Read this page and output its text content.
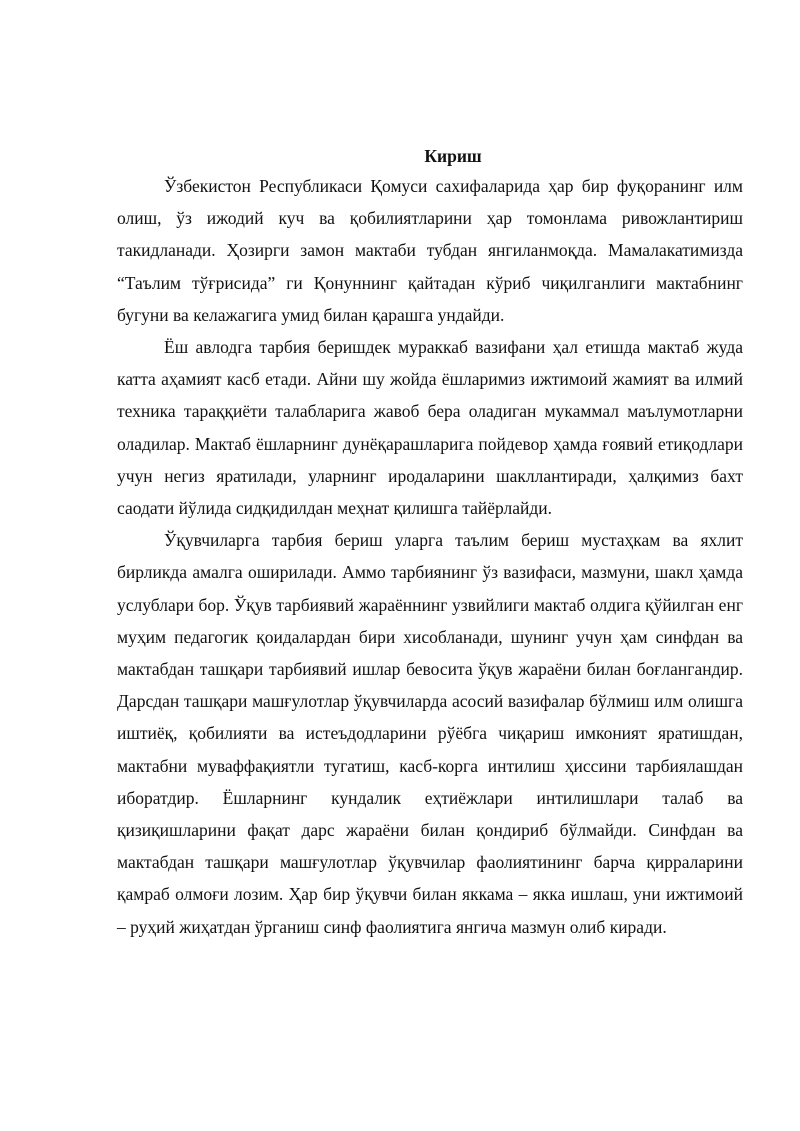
Кириш

Ўзбекистон Республикаси Қомуси сахифаларида ҳар бир фуқоранинг илм олиш, ўз ижодий куч ва қобилиятларини ҳар томонлама ривожлантириш такидланади. Ҳозирги замон мактаби тубдан янгиланмоқда. Мамалакатимизда “Таълим тўғрисида” ги Қонуннинг қайтадан кўриб чиқилганлиги мактабнинг бугуни ва келажагига умид билан қарашга ундайди.

Ёш авлодга тарбия беришдек мураккаб вазифани ҳал етишда мактаб жуда катта аҳамият касб етади. Айни шу жойда ёшларимиз ижтимоий жамият ва илмий техника тараққиёти талабларига жавоб бера оладиган мукаммал маълумотларни оладилар. Мактаб ёшларнинг дунёқарашларига пойдевор ҳамда ғоявий етиқодлари учун негиз яратилади, уларнинг иродаларини шакллантиради, ҳалқимиз бахт саодати йўлида сидқидилдан меҳнат қилишга тайёрлайди.

Ўқувчиларга тарбия бериш уларга таълим бериш мустаҳкам ва яхлит бирликда амалга оширилади. Аммо тарбиянинг ўз вазифаси, мазмуни, шакл ҳамда услублари бор. Ўқув тарбиявий жараённинг узвийлиги мактаб олдига қўйилган енг муҳим педагогик қоидалардан бири хисобланади, шунинг учун ҳам синфдан ва мактабдан ташқари тарбиявий ишлар бевосита ўқув жараёни билан боғлангандир. Дарсдан ташқари машғулотлар ўқувчиларда асосий вазифалар бўлмиш илм олишга иштиёқ, қобилияти ва истеъдодларини рўёбга чиқариш имконият яратишдан, мактабни муваффақиятли тугатиш, касб-корга интилиш ҳиссини тарбиялашдан иборатдир. Ёшларнинг кундалик еҳтиёжлари интилишлари талаб ва қизиқишларини фақат дарс жараёни билан қондириб бўлмайди. Синфдан ва мактабдан ташқари машғулотлар ўқувчилар фаолиятининг барча қирраларини қамраб олмоғи лозим. Ҳар бир ўқувчи билан яккама – якка ишлаш, уни ижтимоий – руҳий жиҳатдан ўрганиш синф фаолиятига янгича мазмун олиб киради.
